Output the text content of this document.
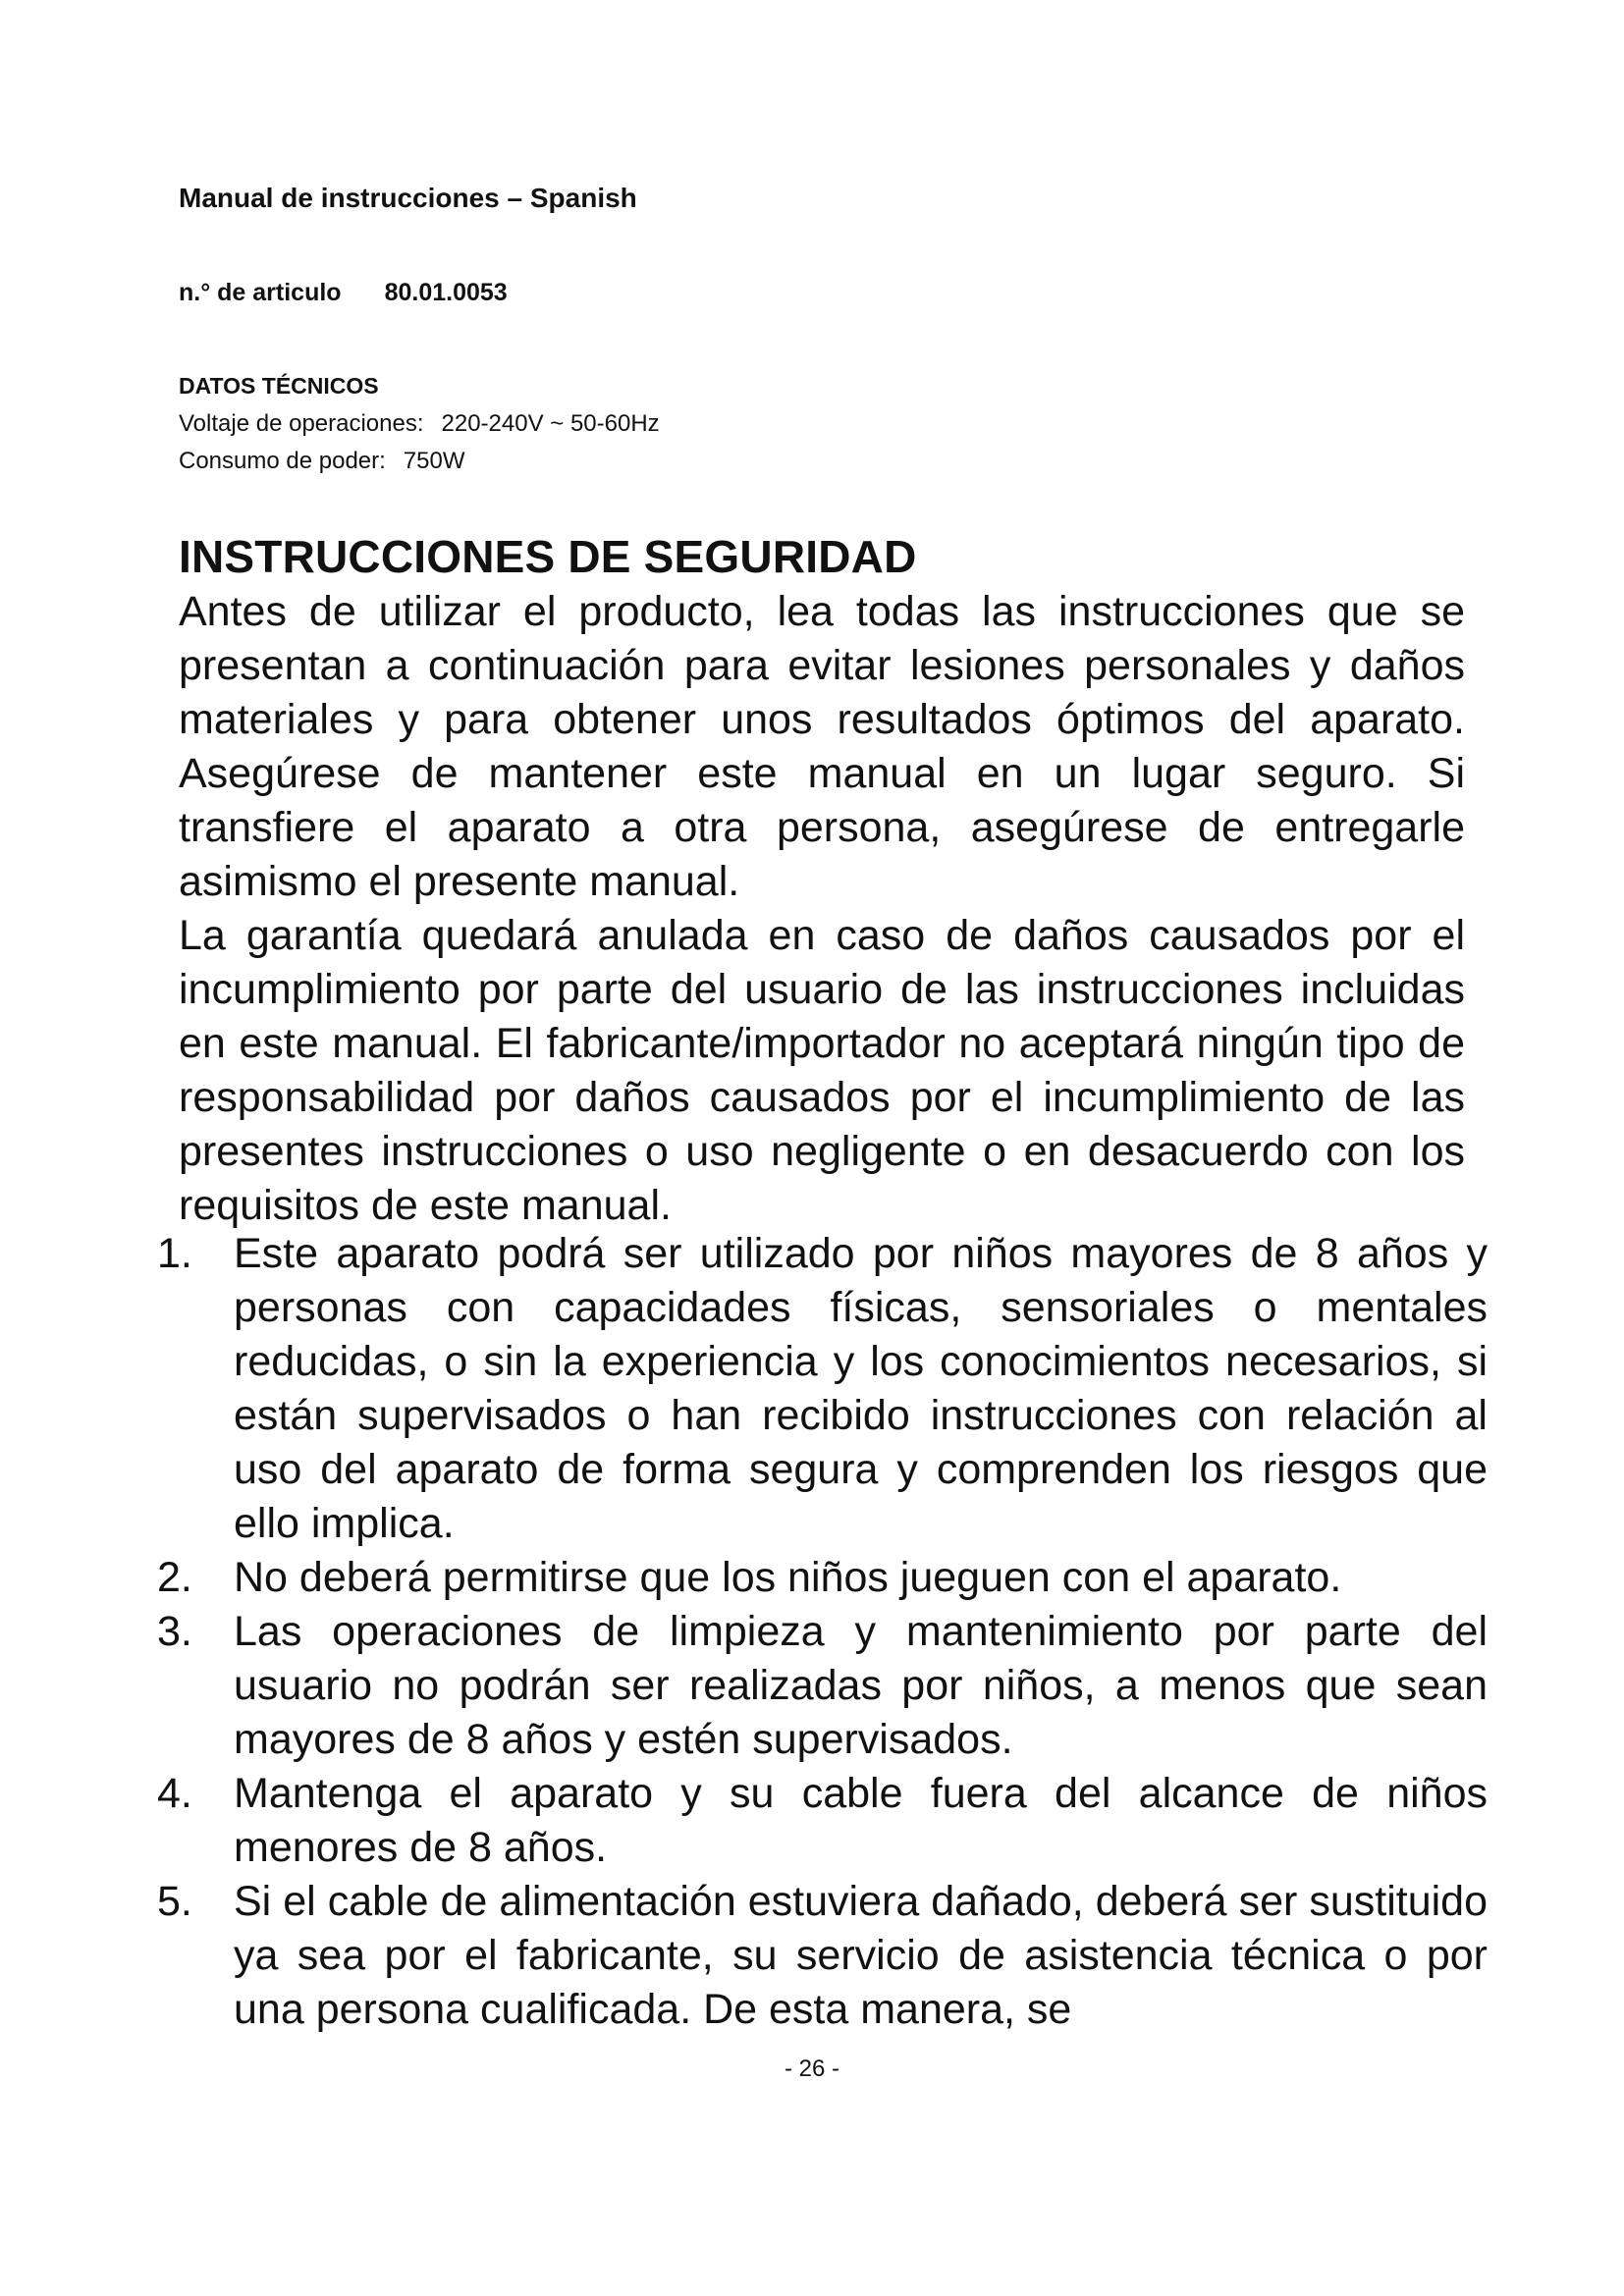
Manual de instrucciones – Spanish
n.° de articulo 80.01.0053
DATOS TÉCNICOS
Voltaje de operaciones: 220-240V ~ 50-60Hz
Consumo de poder: 750W
INSTRUCCIONES DE SEGURIDAD

Antes de utilizar el producto, lea todas las instrucciones que se presentan a continuación para evitar lesiones personales y daños materiales y para obtener unos resultados óptimos del aparato. Asegúrese de mantener este manual en un lugar seguro. Si transfiere el aparato a otra persona, asegúrese de entregarle asimismo el presente manual.

La garantía quedará anulada en caso de daños causados por el incumplimiento por parte del usuario de las instrucciones incluidas en este manual. El fabricante/importador no aceptará ningún tipo de responsabilidad por daños causados por el incumplimiento de las presentes instrucciones o uso negligente o en desacuerdo con los requisitos de este manual.

1. Este aparato podrá ser utilizado por niños mayores de 8 años y personas con capacidades físicas, sensoriales o mentales reducidas, o sin la experiencia y los conocimientos necesarios, si están supervisados o han recibido instrucciones con relación al uso del aparato de forma segura y comprenden los riesgos que ello implica.
2. No deberá permitirse que los niños jueguen con el aparato.
3. Las operaciones de limpieza y mantenimiento por parte del usuario no podrán ser realizadas por niños, a menos que sean mayores de 8 años y estén supervisados.
4. Mantenga el aparato y su cable fuera del alcance de niños menores de 8 años.
5. Si el cable de alimentación estuviera dañado, deberá ser sustituido ya sea por el fabricante, su servicio de asistencia técnica o por una persona cualificada. De esta manera, se
- 26 -
